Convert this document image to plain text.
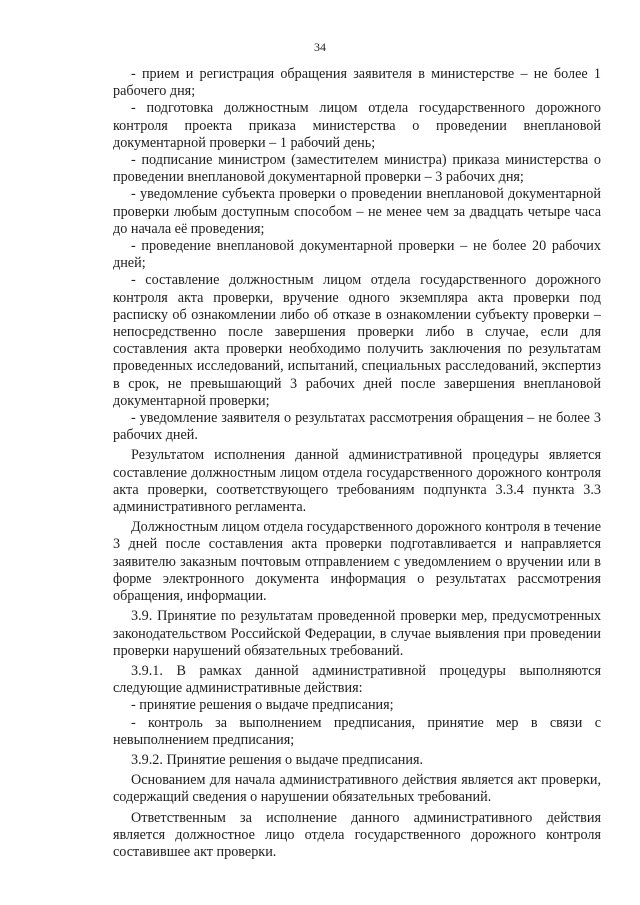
34

- прием и регистрация обращения заявителя в министерстве – не более 1 рабочего дня;

- подготовка должностным лицом отдела государственного дорожного контроля проекта приказа министерства о проведении внеплановой документарной проверки – 1 рабочий день;

- подписание министром (заместителем министра) приказа министерства о проведении внеплановой документарной проверки – 3 рабочих дня;

- уведомление субъекта проверки о проведении внеплановой документарной проверки любым доступным способом – не менее чем за двадцать четыре часа до начала её проведения;

- проведение внеплановой документарной проверки – не более 20 рабочих дней;

- составление должностным лицом отдела государственного дорожного контроля акта проверки, вручение одного экземпляра акта проверки под расписку об ознакомлении либо об отказе в ознакомлении субъекту проверки – непосредственно после завершения проверки либо в случае, если для составления акта проверки необходимо получить заключения по результатам проведенных исследований, испытаний, специальных расследований, экспертиз в срок, не превышающий 3 рабочих дней после завершения внеплановой документарной проверки;

- уведомление заявителя о результатах рассмотрения обращения – не более 3 рабочих дней.

Результатом исполнения данной административной процедуры является составление должностным лицом отдела государственного дорожного контроля акта проверки, соответствующего требованиям подпункта 3.3.4 пункта 3.3 административного регламента.

Должностным лицом отдела государственного дорожного контроля в течение 3 дней после составления акта проверки подготавливается и направляется заявителю заказным почтовым отправлением с уведомлением о вручении или в форме электронного документа информация о результатах рассмотрения обращения, информации.

3.9. Принятие по результатам проведенной проверки мер, предусмотренных законодательством Российской Федерации, в случае выявления при проведении проверки нарушений обязательных требований.

3.9.1. В рамках данной административной процедуры выполняются следующие административные действия:

- принятие решения о выдаче предписания;

- контроль за выполнением предписания, принятие мер в связи с невыполнением предписания;

3.9.2. Принятие решения о выдаче предписания.

Основанием для начала административного действия является акт проверки, содержащий сведения о нарушении обязательных требований.

Ответственным за исполнение данного административного действия является должностное лицо отдела государственного дорожного контроля составившее акт проверки.
